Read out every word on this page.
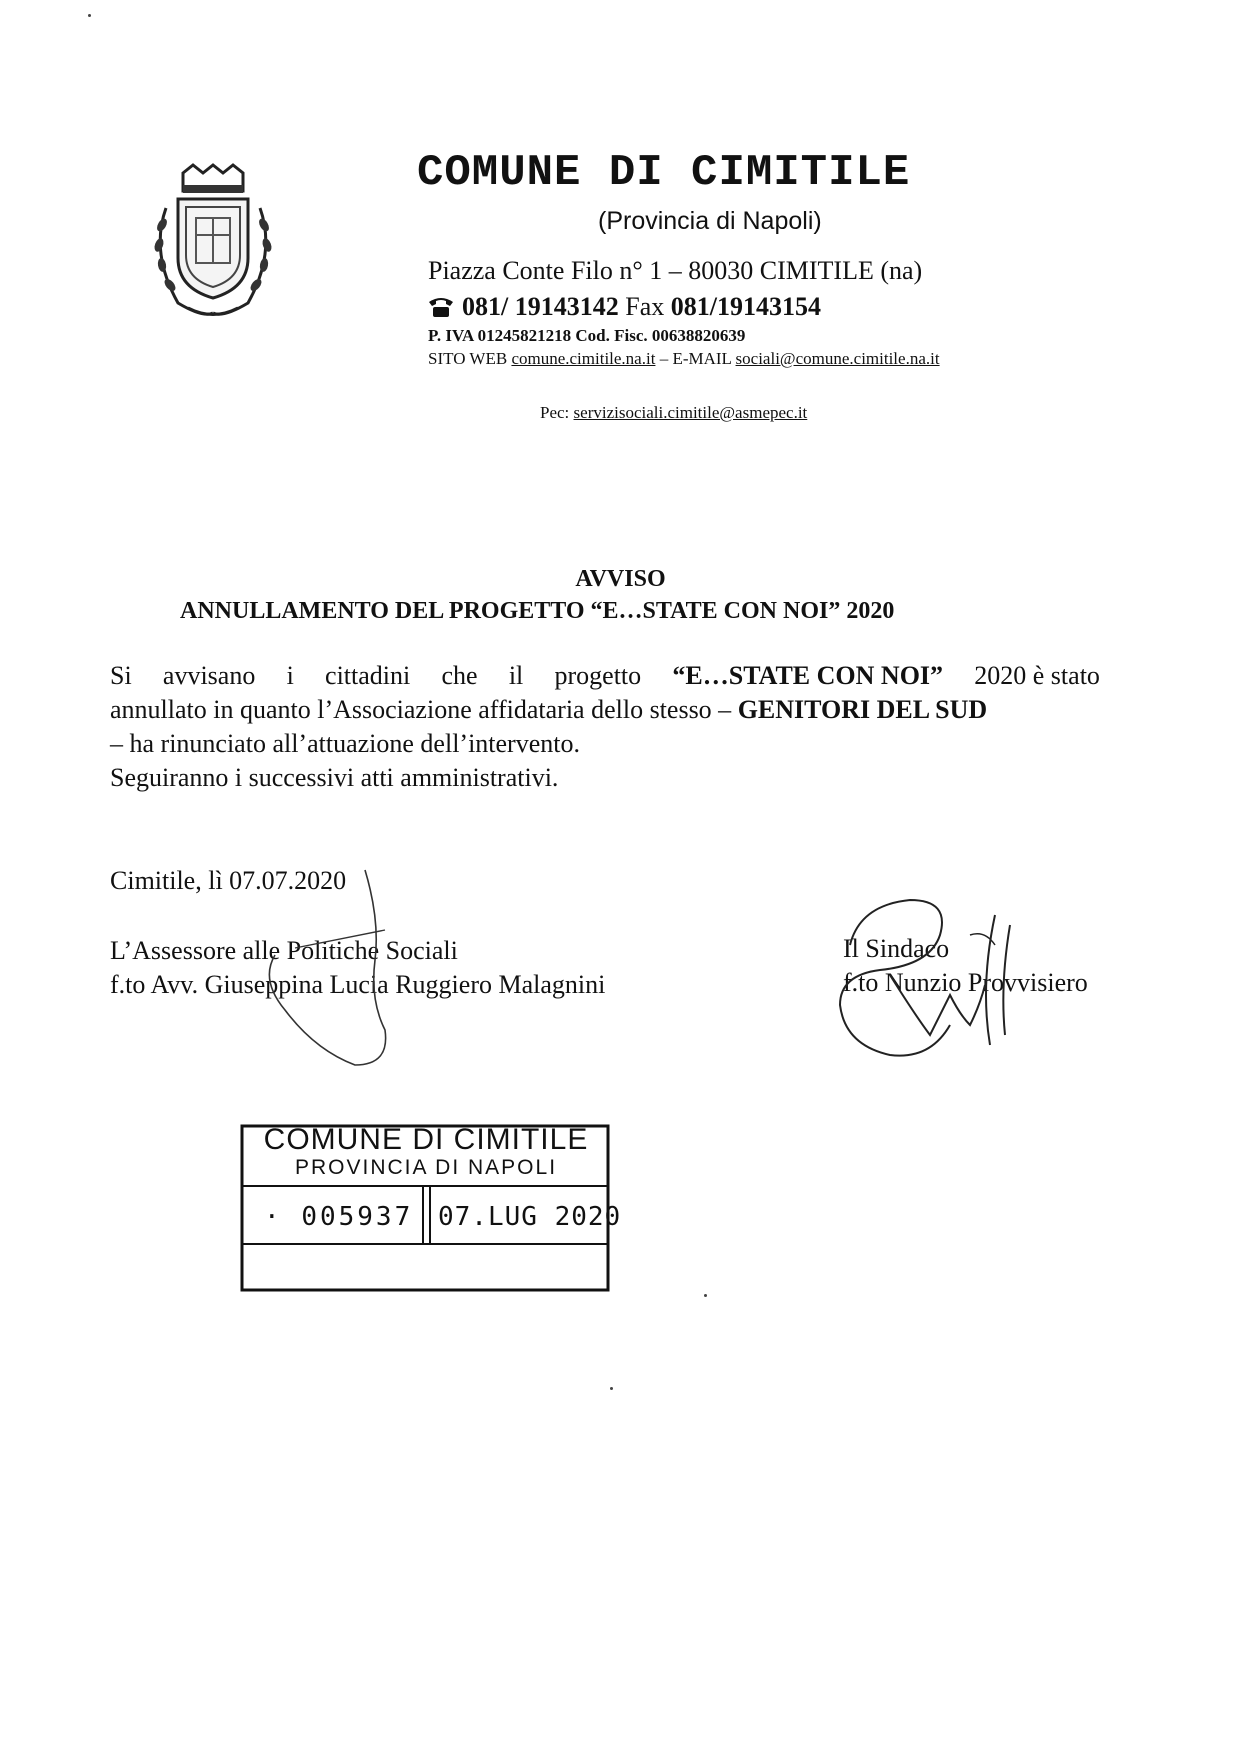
COMUNE DI CIMITILE
(Provincia di Napoli)
Piazza Conte Filo n° 1 – 80030 CIMITILE (na)
081/ 19143142 Fax 081/19143154
P. IVA 01245821218 Cod. Fisc. 00638820639
SITO WEB comune.cimitile.na.it – E-MAIL sociali@comune.cimitile.na.it
Pec: servizisociali.cimitile@asmepec.it
AVVISO
ANNULLAMENTO DEL PROGETTO “E…STATE CON NOI” 2020
Si avvisano i cittadini che il progetto “E…STATE CON NOI” 2020 è stato
annullato in quanto l’Associazione affidataria dello stesso – GENITORI DEL SUD
– ha rinunciato all’attuazione dell’intervento.
Seguiranno i successivi atti amministrativi.
Cimitile, lì 07.07.2020
L’Assessore alle Politiche Sociali
f.to Avv. Giuseppina Lucia Ruggiero Malagnini
Il Sindaco
f.to Nunzio Provvisiero
COMUNE DI CIMITILE
PROVINCIA DI NAPOLI
· 005937 07.LUG 2020
